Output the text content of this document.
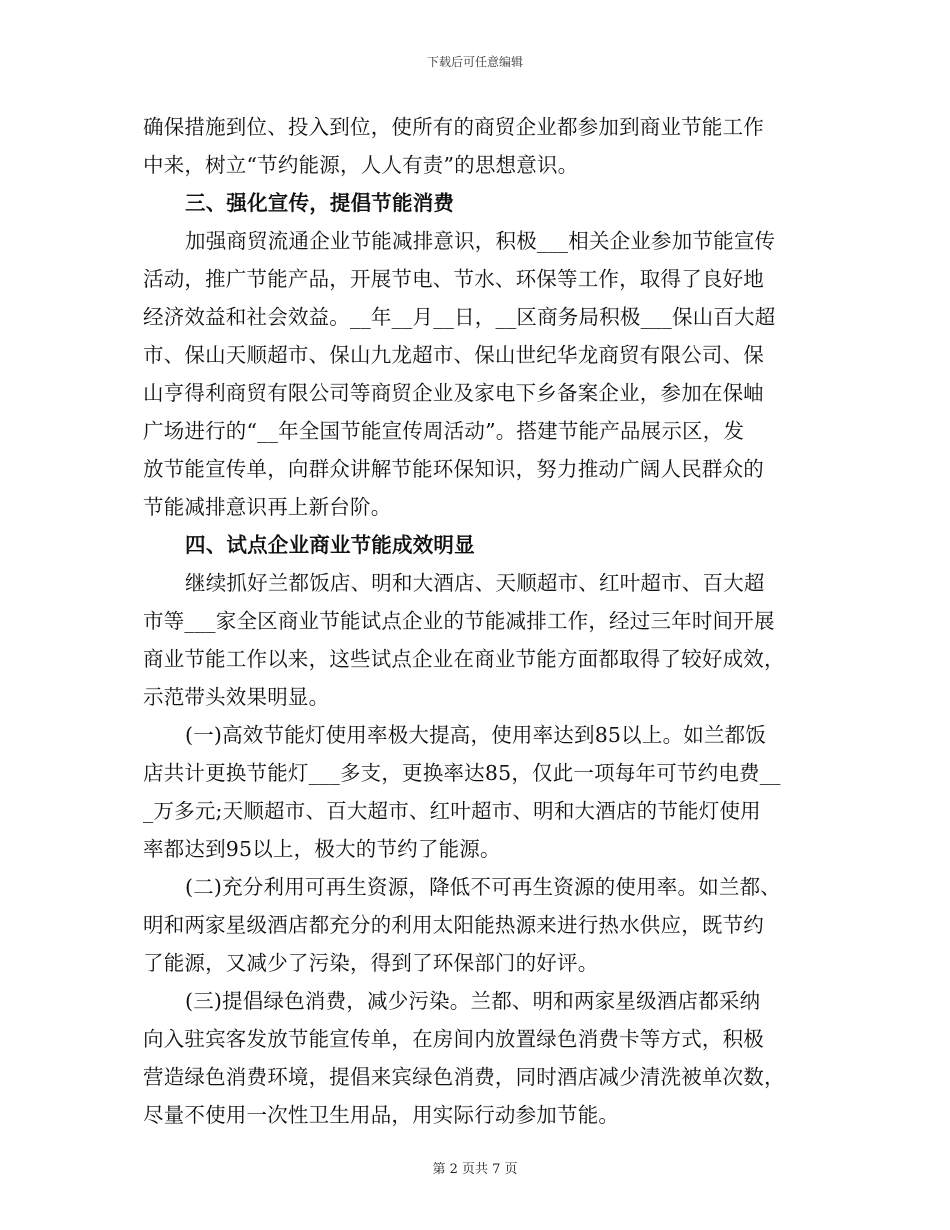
下载后可任意编辑
确保措施到位、投入到位，使所有的商贸企业都参加到商业节能工作
中来，树立“节约能源，人人有责”的思想意识。
三、强化宣传，提倡节能消费
加强商贸流通企业节能减排意识，积极___相关企业参加节能宣传
活动，推广节能产品，开展节电、节水、环保等工作，取得了良好地
经济效益和社会效益。__年__月__日，__区商务局积极___保山百大超
市、保山天顺超市、保山九龙超市、保山世纪华龙商贸有限公司、保
山亨得利商贸有限公司等商贸企业及家电下乡备案企业，参加在保岫
广场进行的“__年全国节能宣传周活动”。搭建节能产品展示区，发
放节能宣传单，向群众讲解节能环保知识，努力推动广阔人民群众的
节能减排意识再上新台阶。
四、试点企业商业节能成效明显
继续抓好兰都饭店、明和大酒店、天顺超市、红叶超市、百大超
市等___家全区商业节能试点企业的节能减排工作，经过三年时间开展
商业节能工作以来，这些试点企业在商业节能方面都取得了较好成效，
示范带头效果明显。
(一)高效节能灯使用率极大提高，使用率达到85以上。如兰都饭
店共计更换节能灯___多支，更换率达85，仅此一项每年可节约电费__
_万多元;天顺超市、百大超市、红叶超市、明和大酒店的节能灯使用
率都达到95以上，极大的节约了能源。
(二)充分利用可再生资源，降低不可再生资源的使用率。如兰都、
明和两家星级酒店都充分的利用太阳能热源来进行热水供应，既节约
了能源，又减少了污染，得到了环保部门的好评。
(三)提倡绿色消费，减少污染。兰都、明和两家星级酒店都采纳
向入驻宾客发放节能宣传单，在房间内放置绿色消费卡等方式，积极
营造绿色消费环境，提倡来宾绿色消费，同时酒店减少清洗被单次数，
尽量不使用一次性卫生用品，用实际行动参加节能。
第 2 页共 7 页
